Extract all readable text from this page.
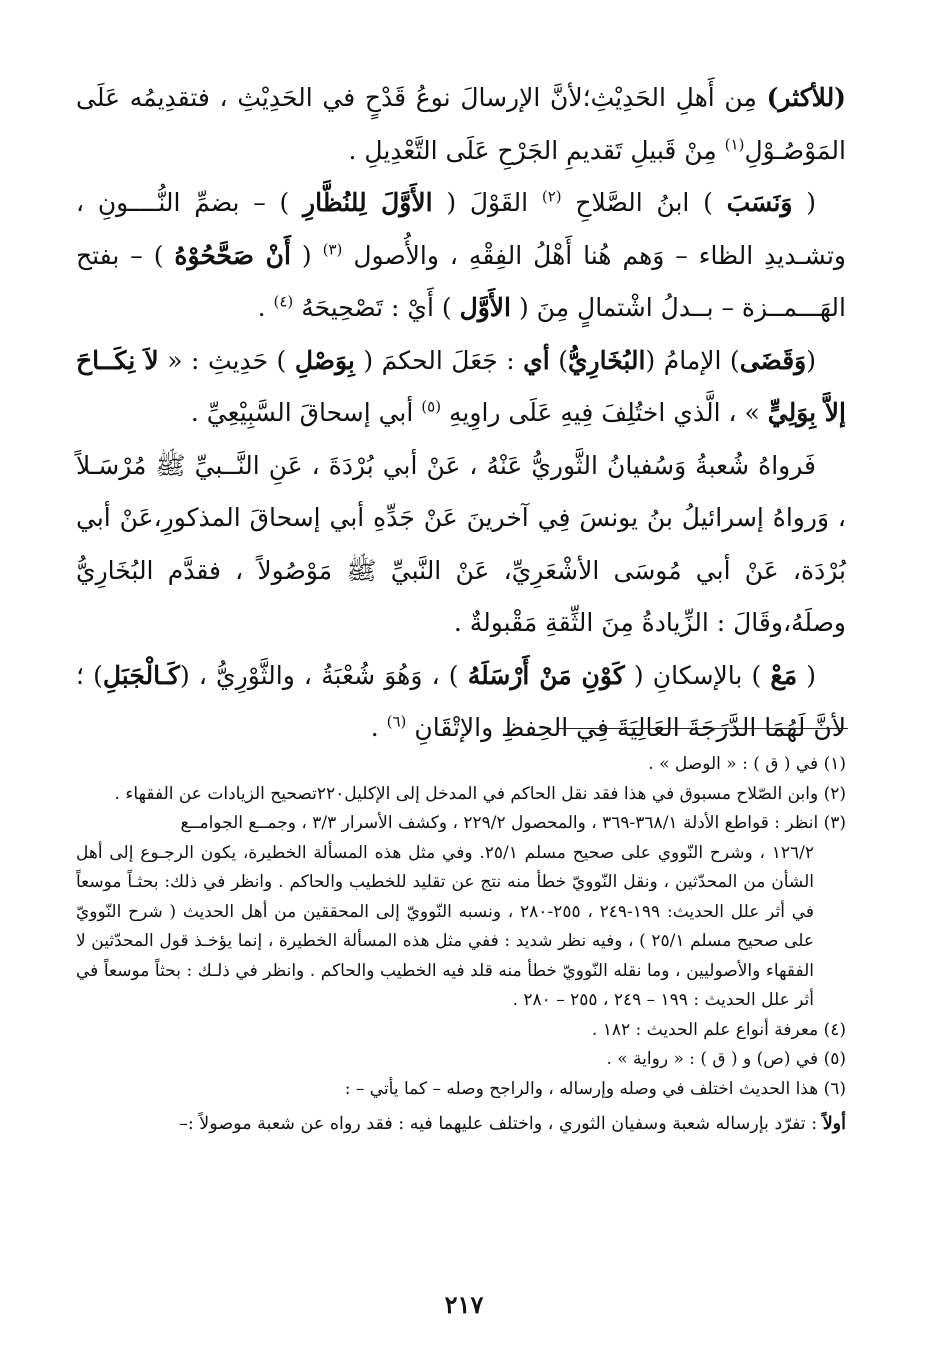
(للأكثر) مِن أَهلِ الحَدِيْثِ؛لأنَّ الإرسالَ نوعُ قَدْحٍ في الحَدِيْثِ ، فتقدِيمُه عَلَى المَوْصُـوْلِ$^{(١)}$ مِنْ قَبيلِ تَقديمِ الجَرْحِ عَلَى التَّعْدِيلِ .

( وَنَسَبَ ) ابنُ الصَّلاحِ $^{(٢)}$ القَوْلَ ( الأَوَّلَ لِلنُظَّارِ ) – بضمِّ النُّــــونِ ، وتشـديدِ الظاء – وَهم هُنا أَهْلُ الفِقْهِ ، والأُصول $^{(٣)}$ ( أَنْ صَحَّحُوْهُ ) – بفتح الهَـــمــزة – بــدلُ اشْتمالٍ مِنَ ( الأَوَّل ) أَيْ : تَصْحِيحَهُ $^{(٤)}$ .

(وَقَضَى) الإمامُ (البُخَارِيُّ) أي : جَعَلَ الحكمَ ( بِوَصْلِ ) حَدِيثِ : « لاَ نِكَــاحَ إلاَّ بِوَلِيٍّ » ، الَّذي اختُلِفَ فِيهِ عَلَى راوِيهِ $^{(٥)}$ أبي إسحاقَ السَّبِيْعِيِّ .

فَرواهُ شُعبةُ وَسُفيانُ الثَّوريُّ عَنْهُ ، عَنْ أبي بُرْدَةَ ، عَنِ النَّــبيِّ ﷺ مُرْسَـلاً ، وَرواهُ إسرائيلُ بنُ يونسَ فِي آخرينَ عَنْ جَدِّهِ أبي إسحاقَ المذكورِ،عَنْ أبي بُرْدَة، عَنْ أبي مُوسَى الأشْعَرِيِّ، عَنْ النَّبيِّ ﷺ مَوْصُولاً ، فقدَّم البُخَارِيُّ وصلَهُ،وقَالَ : الزِّيادةُ مِنَ الثِّقةِ مَقْبولةٌ .

( مَعْ ) بالإسكانِ ( كَوْنِ مَنْ أَرْسَلَهُ ) ، وَهُوَ شُعْبَةُ ، والثَّوْرِيُّ ، (كَـالْجَبَلِ) ؛ لأنَّ لَهُمَا الدَّرَجَةَ العَالِيَةَ فِي الحِفظِ والإتْقَانِ $^{(٦)}$ .

(١) في ( ق ) : « الوصل » .

(٢) وابن الصّلاح مسبوق في هذا فقد نقل الحاكم في المدخل إلى الإكليل٢٢٠تصحيح الزيادات عن الفقهاء .

(٣) انظر : قواطع الأدلة ٣٦٨/١-٣٦٩ ، والمحصول ٢٢٩/٢ ، وكشف الأسرار ٣/٣ ، وجمــع الجوامــع

١٢٦/٢ ، وشرح النّووي على صحيح مسلم ٢٥/١. وفي مثل هذه المسألة الخطيرة، يكون الرجـوع إلى أهل الشأن من المحدّثين ، ونقل النّوويّ خطأ منه نتج عن تقليد للخطيب والحاكم . وانظر في ذلك: بحثـاً موسعاً في أثر علل الحديث: ١٩٩-٢٤٩ ، ٢٥٥-٢٨٠ ، ونسبه النّوويّ إلى المحققين من أهل الحديث ( شرح النّوويّ على صحيح مسلم ٢٥/١ ) ، وفيه نظر شديد : ففي مثل هذه المسألة الخطيرة ، إنما يؤخـذ قول المحدّثين لا الفقهاء والأصوليين ، وما نقله النّوويّ خطأ منه قلد فيه الخطيب والحاكم . وانظر في ذلـك : بحثاً موسعاً في أثر علل الحديث : ١٩٩ – ٢٤٩ ، ٢٥٥ – ٢٨٠ .

(٤) معرفة أنواع علم الحديث : ١٨٢ .

(٥) في (ص) و ( ق ) : « رواية » .

(٦) هذا الحديث اختلف في وصله وإرساله ، والراجح وصله – كما يأتي – :

أولاً : تفرّد بإرساله شعبة وسفيان الثوري ، واختلف عليهما فيه : فقد رواه عن شعبة موصولاً :–

٢١٧
